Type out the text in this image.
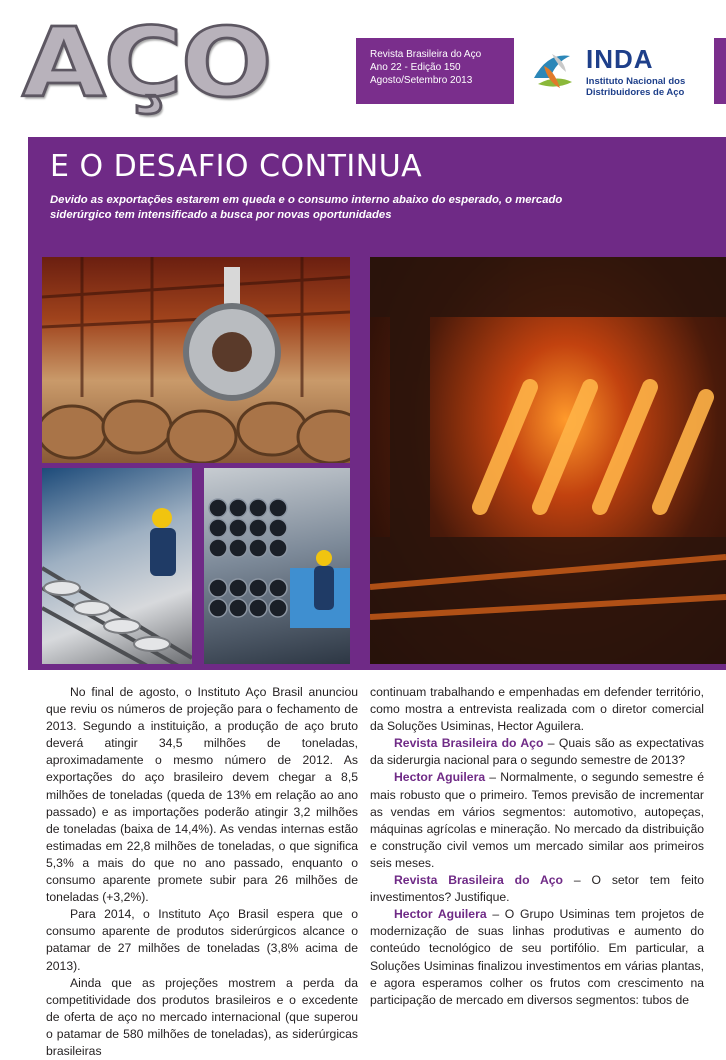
AÇO	Revista Brasileira do Aço
Ano 22 - Edição 150
Agosto/Setembro 2013
INDA
Instituto Nacional dos Distribuidores de Aço
E O DESAFIO CONTINUA
Devido as exportações estarem em queda e o consumo interno abaixo do esperado, o mercado siderúrgico tem intensificado a busca por novas oportunidades

No final de agosto, o Instituto Aço Brasil anunciou que reviu os números de projeção para o fechamento de 2013. Segundo a instituição, a produção de aço bruto deverá atingir 34,5 milhões de toneladas, aproximadamente o mesmo número de 2012. As exportações do aço brasileiro devem chegar a 8,5 milhões de toneladas (queda de 13% em relação ao ano passado) e as importações poderão atingir 3,2 milhões de toneladas (baixa de 14,4%). As vendas internas estão estimadas em 22,8 milhões de toneladas, o que significa 5,3% a mais do que no ano passado, enquanto o consumo aparente promete subir para 26 milhões de toneladas (+3,2%).

Para 2014, o Instituto Aço Brasil espera que o consumo aparente de produtos siderúrgicos alcance o patamar de 27 milhões de toneladas (3,8% acima de 2013).

Ainda que as projeções mostrem a perda da competitividade dos produtos brasileiros e o excedente de oferta de aço no mercado internacional (que superou o patamar de 580 milhões de toneladas), as siderúrgicas brasileiras

continuam trabalhando e empenhadas em defender território, como mostra a entrevista realizada com o diretor comercial da Soluções Usiminas, Hector Aguilera.

Revista Brasileira do Aço – Quais são as expectativas da siderurgia nacional para o segundo semestre de 2013?

Hector Aguilera – Normalmente, o segundo semestre é mais robusto que o primeiro. Temos previsão de incrementar as vendas em vários segmentos: automotivo, autopeças, máquinas agrícolas e mineração. No mercado da distribuição e construção civil vemos um mercado similar aos primeiros seis meses.

Revista Brasileira do Aço – O setor tem feito investimentos? Justifique.

Hector Aguilera – O Grupo Usiminas tem projetos de modernização de suas linhas produtivas e aumento do conteúdo tecnológico de seu portifólio. Em particular, a Soluções Usiminas finalizou investimentos em várias plantas, e agora esperamos colher os frutos com crescimento na participação de mercado em diversos segmentos: tubos de
